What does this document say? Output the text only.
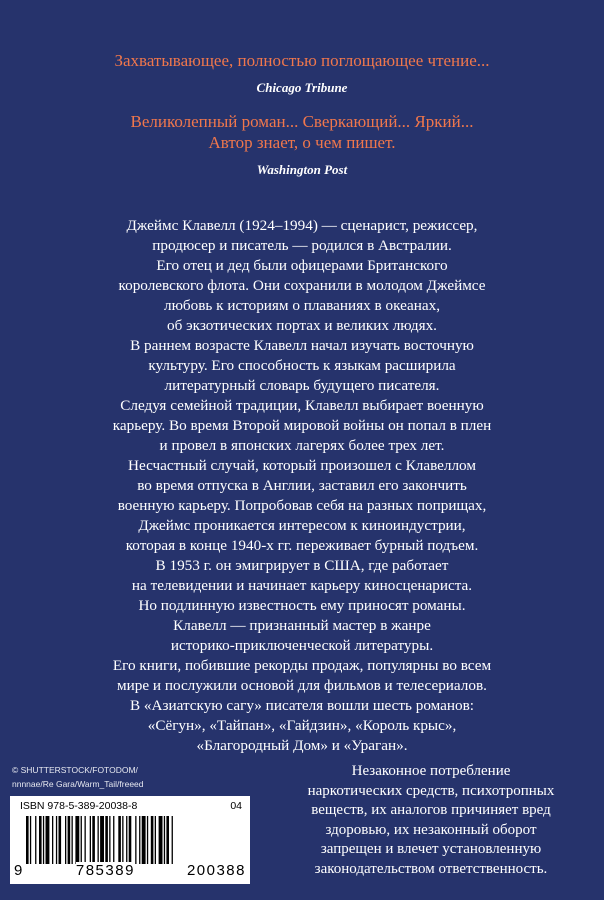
Захватывающее, полностью поглощающее чтение...
Chicago Tribune
Великолепный роман... Сверкающий... Яркий...
Автор знает, о чем пишет.
Washington Post
Джеймс Клавелл (1924–1994) — сценарист, режиссер,
продюсер и писатель — родился в Австралии.
Его отец и дед были офицерами Британского
королевского флота. Они сохранили в молодом Джеймсе
любовь к историям о плаваниях в океанах,
об экзотических портах и великих людях.
В раннем возрасте Клавелл начал изучать восточную
культуру. Его способность к языкам расширила
литературный словарь будущего писателя.
Следуя семейной традиции, Клавелл выбирает военную
карьеру. Во время Второй мировой войны он попал в плен
и провел в японских лагерях более трех лет.
Несчастный случай, который произошел с Клавеллом
во время отпуска в Англии, заставил его закончить
военную карьеру. Попробовав себя на разных поприщах,
Джеймс проникается интересом к киноиндустрии,
которая в конце 1940-х гг. переживает бурный подъем.
В 1953 г. он эмигрирует в США, где работает
на телевидении и начинает карьеру киносценариста.
Но подлинную известность ему приносят романы.
Клавелл — признанный мастер в жанре
историко-приключенческой литературы.
Его книги, побившие рекорды продаж, популярны во всем
мире и послужили основой для фильмов и телесериалов.
В «Азиатскую сагу» писателя вошли шесть романов:
«Сёгун», «Тайпан», «Гайдзин», «Король крыс»,
«Благородный Дом» и «Ураган».
© SHUTTERSTOCK/FOTODOM/
nnnnae/Re Gara/Warm_Tail/freeed
ISBN 978-5-389-20038-8	04
9	785389	200388
Незаконное потребление
наркотических средств, психотропных
веществ, их аналогов причиняет вред
здоровью, их незаконный оборот
запрещен и влечет установленную
законодательством ответственность.
